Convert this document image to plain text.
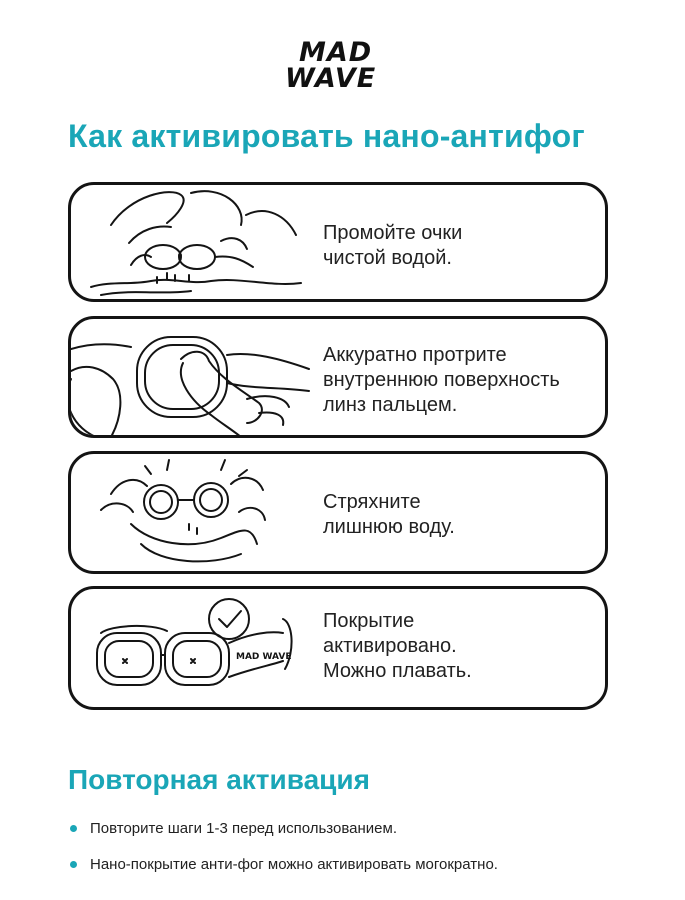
MAD
WAVE
Как активировать нано-антифог
Промойте очки
чистой водой.
Аккуратно протрите
внутреннюю поверхность
линз пальцем.
Стряхните
лишнюю воду.
MAD WAVE
Покрытие
активировано.
Можно плавать.
Повторная активация
Повторите шаги 1-3 перед использованием.
Нано-покрытие анти-фог можно активировать могократно.
